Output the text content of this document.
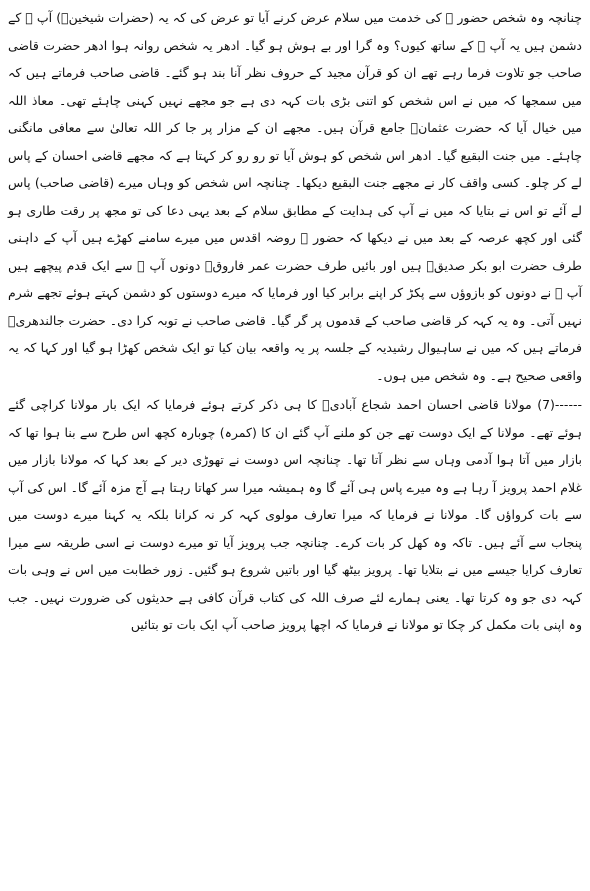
چنانچہ وہ شخص حضور ﷺ کی خدمت میں سلام عرض کرنے آیا تو عرض کی کہ یہ (حضرات شیخینؓ) آپ ﷺ کے دشمن ہیں یہ آپ ﷺ کے ساتھ کیوں؟ وہ گرا اور بے ہوش ہو گیا۔ ادھر یہ شخص روانہ ہوا ادھر حضرت قاضی صاحب جو تلاوت فرما رہے تھے ان کو قرآن مجید کے حروف نظر آنا بند ہو گئے۔ قاضی صاحب فرماتے ہیں کہ میں سمجھا کہ میں نے اس شخص کو اتنی بڑی بات کہہ دی ہے جو مجھے نہیں کہنی چاہئے تھی۔ معاذ اللہ میں خیال آیا کہ حضرت عثمانؓ جامع قرآن ہیں۔ مجھے ان کے مزار پر جا کر اللہ تعالیٰ سے معافی مانگنی چاہئے۔ میں جنت البقیع گیا۔ ادھر اس شخص کو ہوش آیا تو رو رو کر کہتا ہے کہ مجھے قاضی احسان کے پاس لے کر چلو۔ کسی واقف کار نے مجھے جنت البقیع دیکھا۔ چنانچہ اس شخص کو وہاں میرے (قاضی صاحب) پاس لے آئے تو اس نے بتایا کہ میں نے آپ کی ہدایت کے مطابق سلام کے بعد یہی دعا کی تو مجھ پر رقت طاری ہو گئی اور کچھ عرصہ کے بعد میں نے دیکھا کہ حضور ﷺ روضہ اقدس میں میرے سامنے کھڑے ہیں آپ کے داہنی طرف حضرت ابو بکر صدیقؓ ہیں اور بائیں طرف حضرت عمر فاروقؓ دونوں آپ ﷺ سے ایک قدم پیچھے ہیں آپ ﷺ نے دونوں کو بازوؤں سے پکڑ کر اپنے برابر کیا اور فرمایا کہ میرے دوستوں کو دشمن کہتے ہوئے تجھے شرم نہیں آتی۔ وہ یہ کہہ کر قاضی صاحب کے قدموں پر گر گیا۔ قاضی صاحب نے توبہ کرا دی۔ حضرت جالندھریؒ فرماتے ہیں کہ میں نے ساہیوال رشیدیہ کے جلسہ پر یہ واقعہ بیان کیا تو ایک شخص کھڑا ہو گیا اور کہا کہ یہ واقعی صحیح ہے۔ وہ شخص میں ہوں۔

(7)------ مولانا قاضی احسان احمد شجاع آبادیؒ کا ہی ذکر کرتے ہوئے فرمایا کہ ایک بار مولانا کراچی گئے ہوئے تھے۔ مولانا کے ایک دوست تھے جن کو ملنے آپ گئے ان کا (کمرہ) چوبارہ کچھ اس طرح سے بنا ہوا تھا کہ بازار میں آتا ہوا آدمی وہاں سے نظر آتا تھا۔ چنانچہ اس دوست نے تھوڑی دیر کے بعد کہا کہ مولانا بازار میں غلام احمد پرویز آ رہا ہے وہ میرے پاس ہی آئے گا وہ ہمیشہ میرا سر کھاتا رہتا ہے آج مزہ آئے گا۔ اس کی آپ سے بات کرواؤں گا۔ مولانا نے فرمایا کہ میرا تعارف مولوی کہہ کر نہ کرانا بلکہ یہ کہنا میرے دوست میں پنجاب سے آئے ہیں۔ تاکہ وہ کھل کر بات کرے۔ چنانچہ جب پرویز آیا تو میرے دوست نے اسی طریقہ سے میرا تعارف کرایا جیسے میں نے بتلایا تھا۔ پرویز بیٹھ گیا اور باتیں شروع ہو گئیں۔ زور خطابت میں اس نے وہی بات کہہ دی جو وہ کرتا تھا۔ یعنی ہمارے لئے صرف اللہ کی کتاب قرآن کافی ہے حدیثوں کی ضرورت نہیں۔ جب وہ اپنی بات مکمل کر چکا تو مولانا نے فرمایا کہ اچھا پرویز صاحب آپ ایک بات تو بتائیں
